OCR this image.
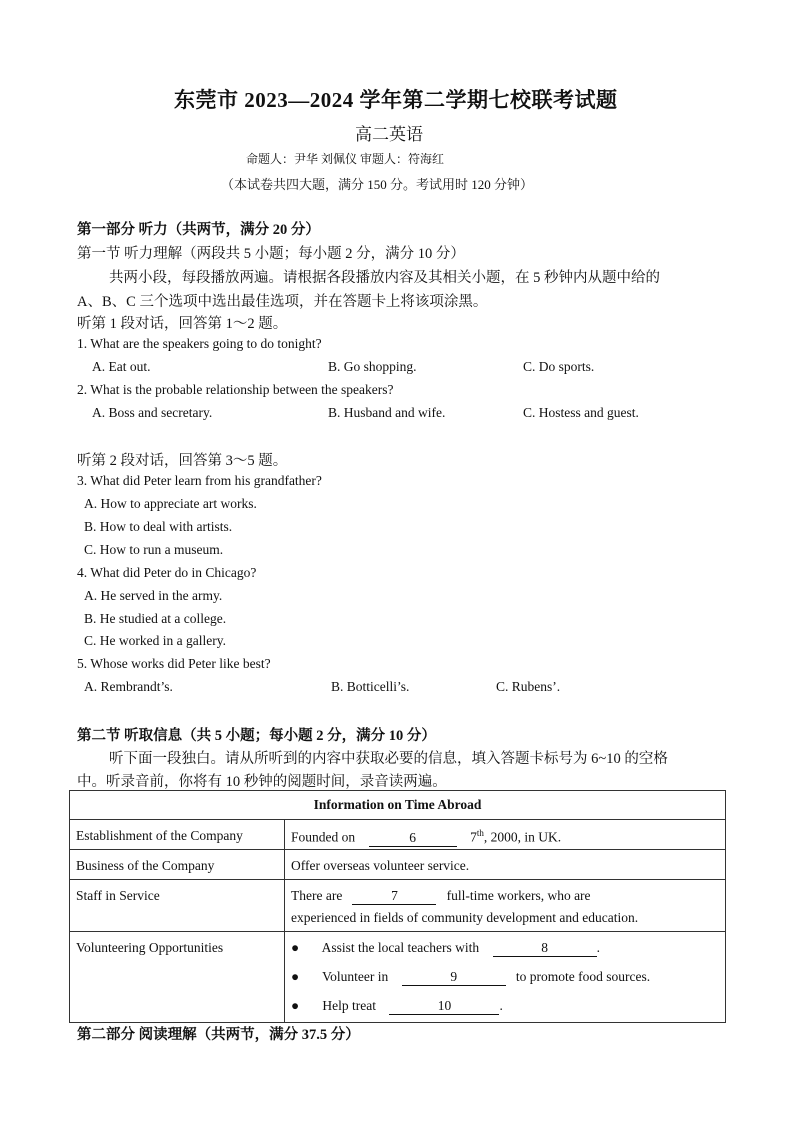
东莞市 2023—2024 学年第二学期七校联考试题
高二英语
命题人：尹华 刘佩仪 审题人：符海红
（本试卷共四大题，满分 150 分。考试用时 120 分钟）
第一部分 听力（共两节，满分 20 分）
第一节 听力理解（两段共 5 小题；每小题 2 分，满分 10 分）
共两小段，每段播放两遍。请根据各段播放内容及其相关小题，在 5 秒钟内从题中给的
A、B、C 三个选项中选出最佳选项，并在答题卡上将该项涂黑。
听第 1 段对话，回答第 1～2 题。
1. What are the speakers going to do tonight?
A. Eat out.	B. Go shopping.	C. Do sports.
2. What is the probable relationship between the speakers?
A. Boss and secretary.	B. Husband and wife.	C. Hostess and guest.
听第 2 段对话，回答第 3～5 题。
3. What did Peter learn from his grandfather?
A. How to appreciate art works.
B. How to deal with artists.
C. How to run a museum.
4. What did Peter do in Chicago?
A. He served in the army.
B. He studied at a college.
C. He worked in a gallery.
5. Whose works did Peter like best?
A. Rembrandt’s.	B. Botticelli’s.	C. Rubens’.
第二节 听取信息（共 5 小题；每小题 2 分，满分 10 分）
听下面一段独白。请从所听到的内容中获取必要的信息，填入答题卡标号为 6~10 的空格
中。听录音前，你将有 10 秒钟的阅题时间，录音读两遍。
Information on Time Abroad	
Establishment of the Company	Founded on 6 7th, 2000, in UK.
Business of the Company	Offer overseas volunteer service.
Staff in Service	There are 7 full-time workers, who are
experienced in fields of community development and education.

Volunteering Opportunities	● Assist the local teachers with 8 .
● Volunteer in 9 to promote food sources.
● Help treat 10 .
第二部分 阅读理解（共两节，满分 37.5 分）
